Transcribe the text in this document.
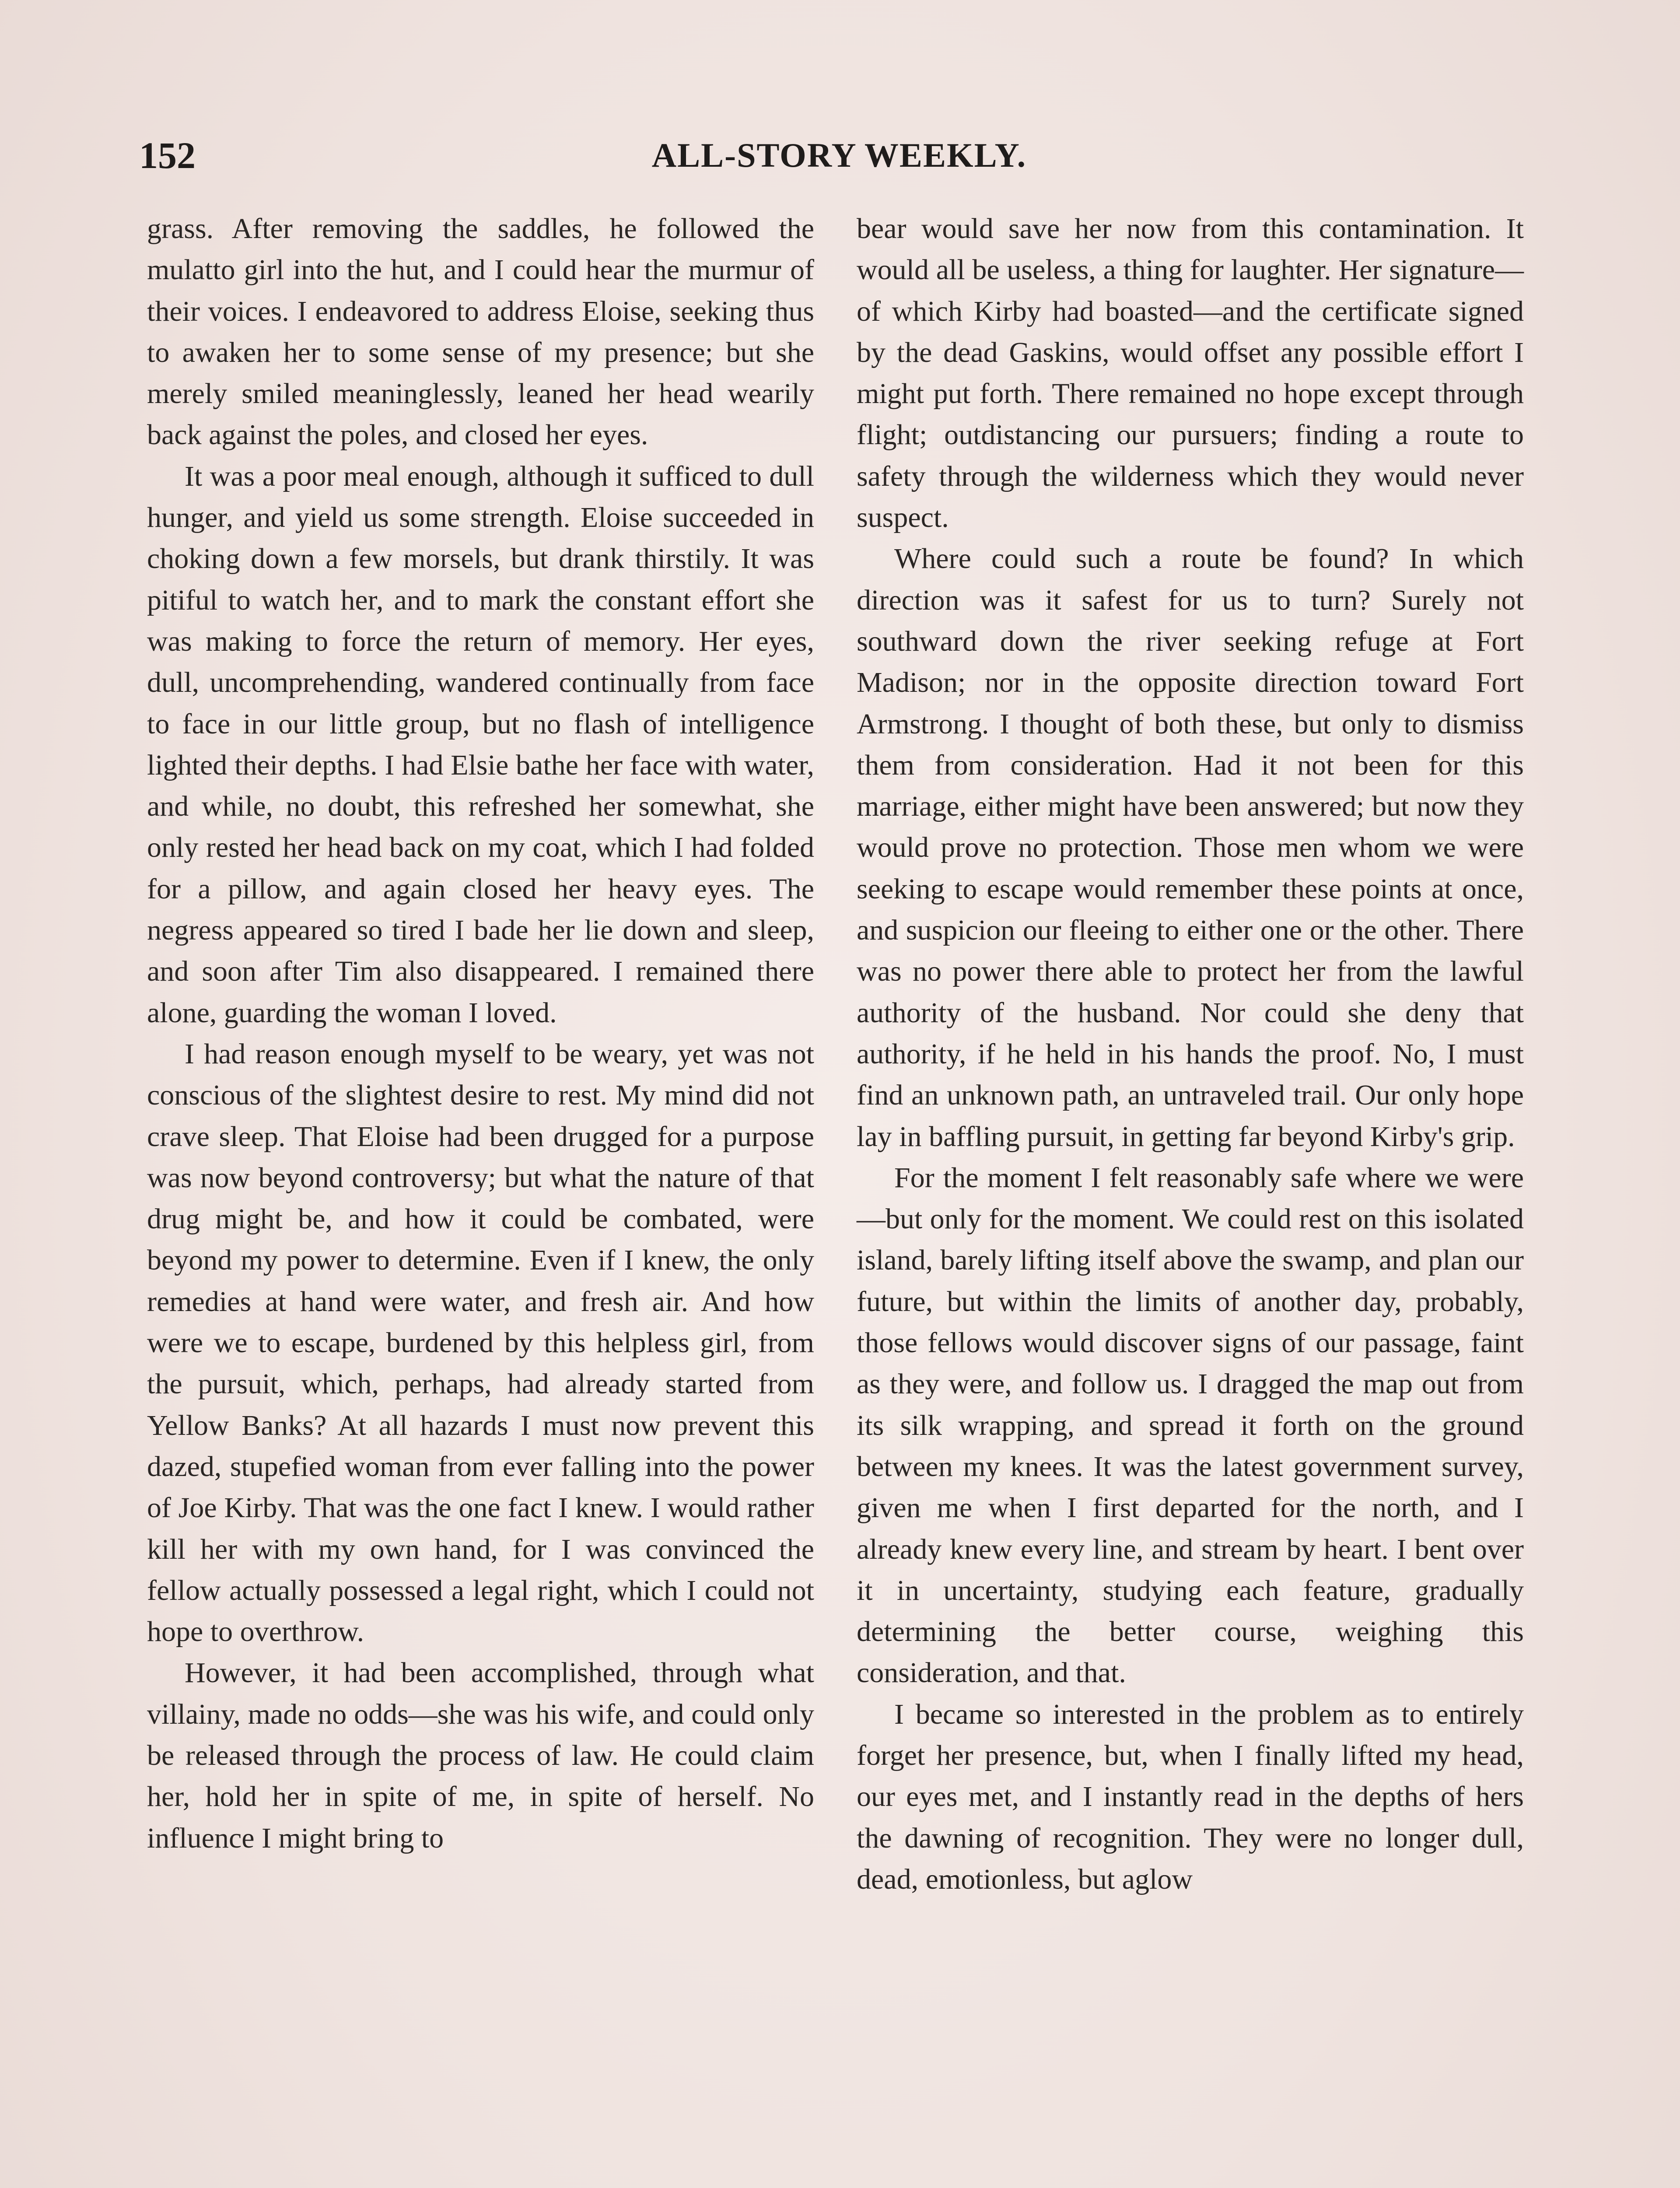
152	ALL-STORY WEEKLY.

grass. After removing the saddles, he followed the mulatto girl into the hut, and I could hear the murmur of their voices. I endeavored to address Eloise, seeking thus to awaken her to some sense of my presence; but she merely smiled meaninglessly, leaned her head wearily back against the poles, and closed her eyes.

It was a poor meal enough, although it sufficed to dull hunger, and yield us some strength. Eloise succeeded in choking down a few morsels, but drank thirstily. It was pitiful to watch her, and to mark the constant effort she was making to force the return of memory. Her eyes, dull, uncomprehending, wandered continually from face to face in our little group, but no flash of intelligence lighted their depths. I had Elsie bathe her face with water, and while, no doubt, this refreshed her somewhat, she only rested her head back on my coat, which I had folded for a pillow, and again closed her heavy eyes. The negress appeared so tired I bade her lie down and sleep, and soon after Tim also disappeared. I remained there alone, guarding the woman I loved.

I had reason enough myself to be weary, yet was not conscious of the slightest desire to rest. My mind did not crave sleep. That Eloise had been drugged for a purpose was now beyond controversy; but what the nature of that drug might be, and how it could be combated, were beyond my power to determine. Even if I knew, the only remedies at hand were water, and fresh air. And how were we to escape, burdened by this helpless girl, from the pursuit, which, perhaps, had already started from Yellow Banks? At all hazards I must now prevent this dazed, stupefied woman from ever falling into the power of Joe Kirby. That was the one fact I knew. I would rather kill her with my own hand, for I was convinced the fellow actually possessed a legal right, which I could not hope to overthrow.

However, it had been accomplished, through what villainy, made no odds—she was his wife, and could only be released through the process of law. He could claim her, hold her in spite of me, in spite of herself. No influence I might bring to

bear would save her now from this contamination. It would all be useless, a thing for laughter. Her signature—of which Kirby had boasted—and the certificate signed by the dead Gaskins, would offset any possible effort I might put forth. There remained no hope except through flight; outdistancing our pursuers; finding a route to safety through the wilderness which they would never suspect.

Where could such a route be found? In which direction was it safest for us to turn? Surely not southward down the river seeking refuge at Fort Madison; nor in the opposite direction toward Fort Armstrong. I thought of both these, but only to dismiss them from consideration. Had it not been for this marriage, either might have been answered; but now they would prove no protection. Those men whom we were seeking to escape would remember these points at once, and suspicion our fleeing to either one or the other. There was no power there able to protect her from the lawful authority of the husband. Nor could she deny that authority, if he held in his hands the proof. No, I must find an unknown path, an untraveled trail. Our only hope lay in baffling pursuit, in getting far beyond Kirby's grip.

For the moment I felt reasonably safe where we were—but only for the moment. We could rest on this isolated island, barely lifting itself above the swamp, and plan our future, but within the limits of another day, probably, those fellows would discover signs of our passage, faint as they were, and follow us. I dragged the map out from its silk wrapping, and spread it forth on the ground between my knees. It was the latest government survey, given me when I first departed for the north, and I already knew every line, and stream by heart. I bent over it in uncertainty, studying each feature, gradually determining the better course, weighing this consideration, and that.

I became so interested in the problem as to entirely forget her presence, but, when I finally lifted my head, our eyes met, and I instantly read in the depths of hers the dawning of recognition. They were no longer dull, dead, emotionless, but aglow
